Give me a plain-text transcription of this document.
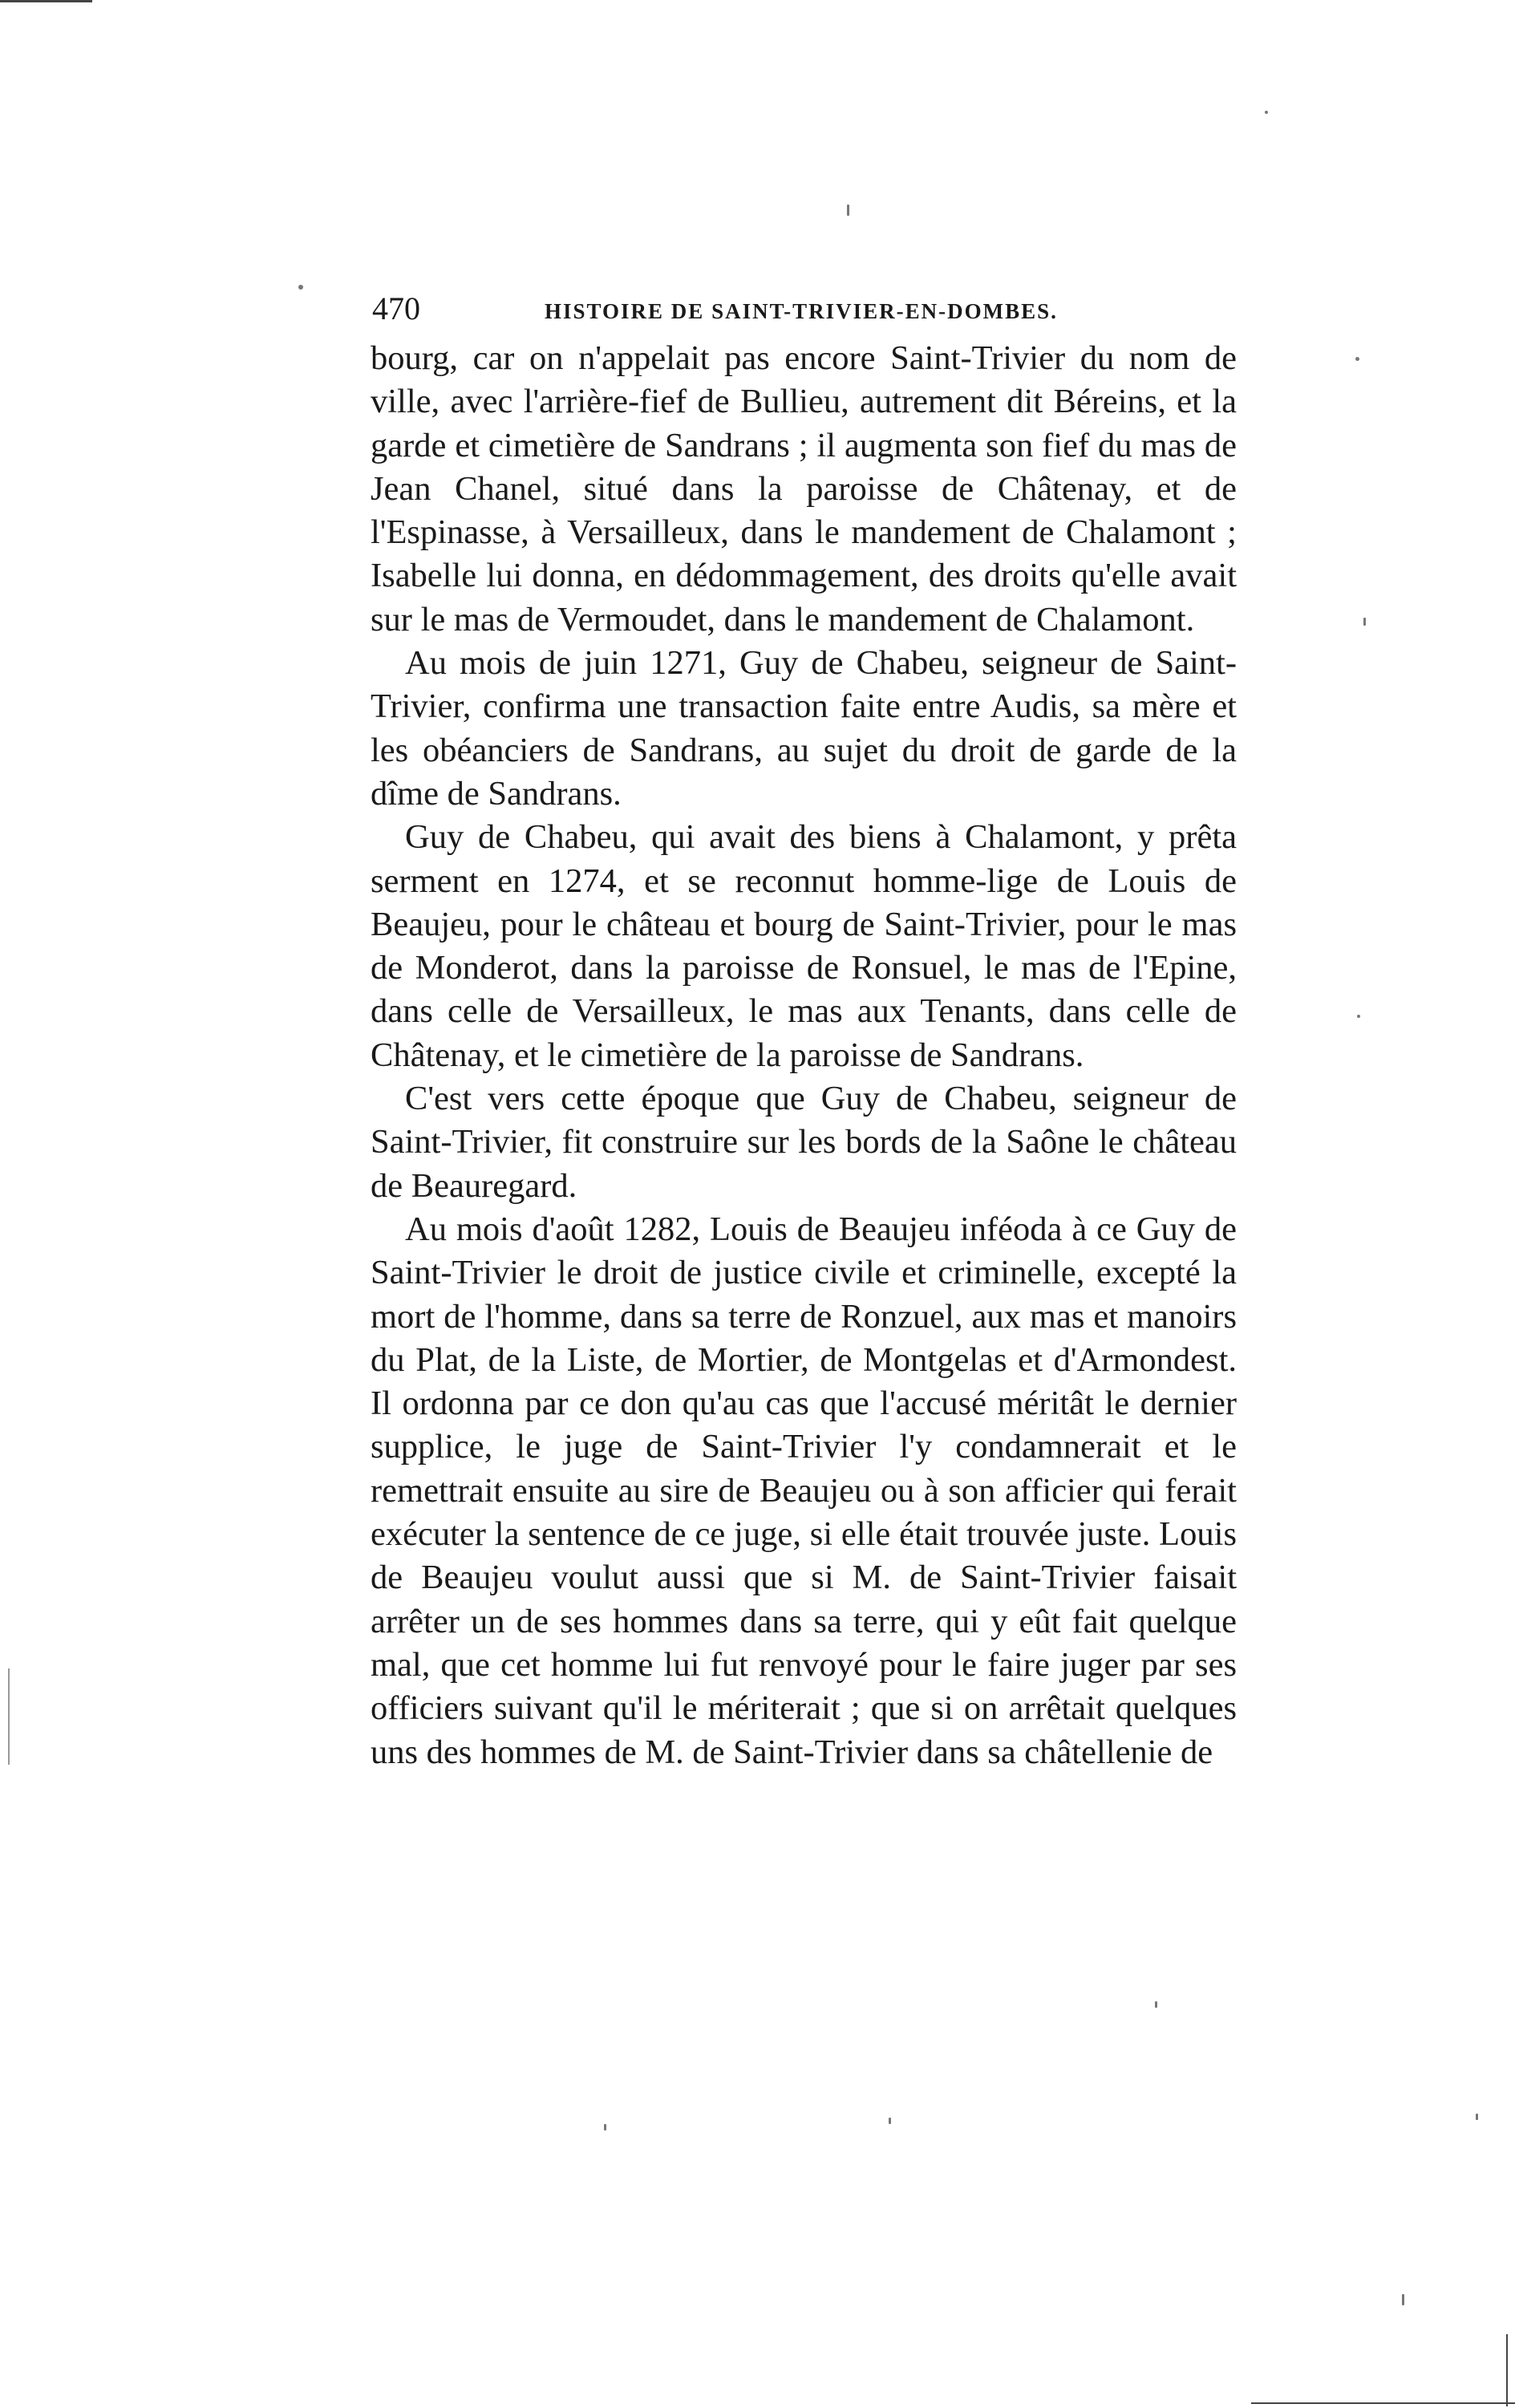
470	HISTOIRE DE SAINT-TRIVIER-EN-DOMBES.

bourg, car on n'appelait pas encore Saint-Trivier du nom de ville, avec l'arrière-fief de Bullieu, autrement dit Béreins, et la garde et cimetière de Sandrans ; il augmenta son fief du mas de Jean Chanel, situé dans la paroisse de Châtenay, et de l'Espinasse, à Versailleux, dans le mandement de Chalamont ; Isabelle lui donna, en dédommagement, des droits qu'elle avait sur le mas de Vermoudet, dans le mandement de Chalamont.

Au mois de juin 1271, Guy de Chabeu, seigneur de Saint-Trivier, confirma une transaction faite entre Audis, sa mère et les obéanciers de Sandrans, au sujet du droit de garde de la dîme de Sandrans.

Guy de Chabeu, qui avait des biens à Chalamont, y prêta serment en 1274, et se reconnut homme-lige de Louis de Beaujeu, pour le château et bourg de Saint-Trivier, pour le mas de Monderot, dans la paroisse de Ronsuel, le mas de l'Epine, dans celle de Versailleux, le mas aux Tenants, dans celle de Châtenay, et le cimetière de la paroisse de Sandrans.

C'est vers cette époque que Guy de Chabeu, seigneur de Saint-Trivier, fit construire sur les bords de la Saône le château de Beauregard.

Au mois d'août 1282, Louis de Beaujeu inféoda à ce Guy de Saint-Trivier le droit de justice civile et criminelle, excepté la mort de l'homme, dans sa terre de Ronzuel, aux mas et manoirs du Plat, de la Liste, de Mortier, de Montgelas et d'Armondest. Il ordonna par ce don qu'au cas que l'accusé méritât le dernier supplice, le juge de Saint-Trivier l'y condamnerait et le remettrait ensuite au sire de Beaujeu ou à son afficier qui ferait exécuter la sentence de ce juge, si elle était trouvée juste. Louis de Beaujeu voulut aussi que si M. de Saint-Trivier faisait arrêter un de ses hommes dans sa terre, qui y eût fait quelque mal, que cet homme lui fut renvoyé pour le faire juger par ses officiers suivant qu'il le mériterait ; que si on arrêtait quelques uns des hommes de M. de Saint-Trivier dans sa châtellenie de
